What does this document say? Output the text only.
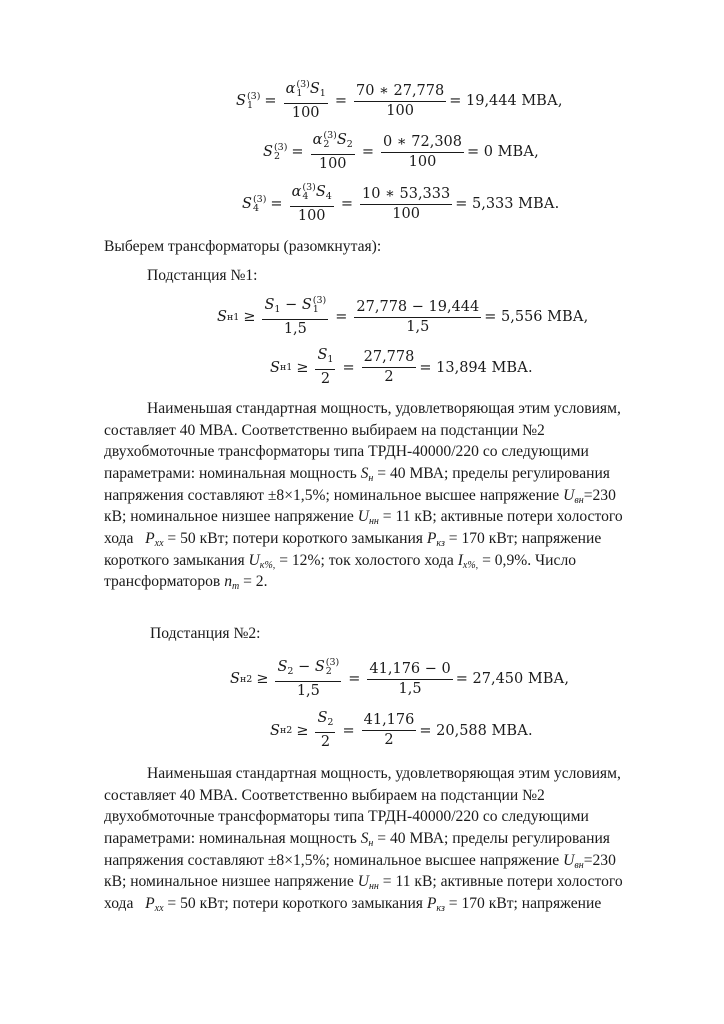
S (3)
1 = α (3)
1 $S_1$
$100 = \frac{70 ∗ 27,778}{100} = 19,444$ МВА,
S (3)
2 = α (3)
2 $S_2$
$100 = \frac{0 ∗ 72,308}{100} = 0$ МВА,
S (3)
4 = α (3)
4 $S_4$
$100 = \frac{10 ∗ 53,333}{100} = 5,333$ МВА.

Выберем трансформаторы (разомкнутая):

Подстанция №1:

S $н1 \ge S_1 - S$ (3)
1
$1,5 = \frac{27,778 - 19,444}{1,5} = 5,556$ МВА,
S $н1 \ge \frac{S_1}{2} = \frac{27,778}{2} = 13,894$ МВА.

Наименьшая стандартная мощность, удовлетворяющая этим условиям,

составляет 40 МВА. Соответственно выбираем на подстанции №2

двухобмоточные трансформаторы типа ТРДН-40000/220 со следующими

параметрами: номинальная мощность Sн = 40 МВА; пределы регулирования

напряжения составляют ±8×1,5%; номинальное высшее напряжение Uвн=230

кВ; номинальное низшее напряжение Uнн = 11 кВ; активные потери холостого

хода   Pхх = 50 кВт; потери короткого замыкания Pкз = 170 кВт; напряжение

короткого замыкания Uк%, = 12%; ток холостого хода Iх%, = 0,9%. Число

трансформаторов nт = 2.

Подстанция №2:

S $н2 \ge S_2 - S$ (3)
2
$1,5 = \frac{41,176 - 0}{1,5} = 27,450$ МВА,
S $н2 \ge \frac{S_2}{2} = \frac{41,176}{2} = 20,588$ МВА.

Наименьшая стандартная мощность, удовлетворяющая этим условиям,

составляет 40 МВА. Соответственно выбираем на подстанции №2

двухобмоточные трансформаторы типа ТРДН-40000/220 со следующими

параметрами: номинальная мощность Sн = 40 МВА; пределы регулирования

напряжения составляют ±8×1,5%; номинальное высшее напряжение Uвн=230

кВ; номинальное низшее напряжение Uнн = 11 кВ; активные потери холостого

хода   Pхх = 50 кВт; потери короткого замыкания Pкз = 170 кВт; напряжение
